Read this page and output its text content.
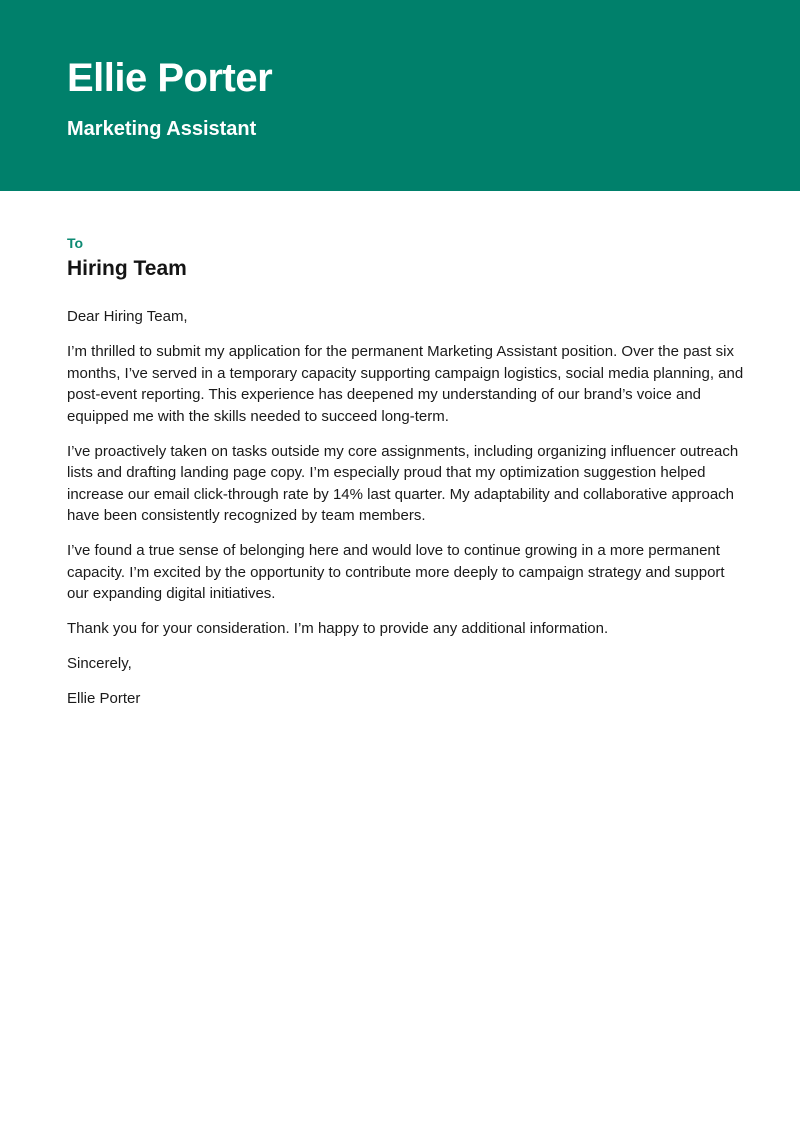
Ellie Porter
Marketing Assistant
To
Hiring Team

Dear Hiring Team,

I’m thrilled to submit my application for the permanent Marketing Assistant position. Over the past six months, I’ve served in a temporary capacity supporting campaign logistics, social media planning, and post-event reporting. This experience has deepened my understanding of our brand’s voice and equipped me with the skills needed to succeed long-term.

I’ve proactively taken on tasks outside my core assignments, including organizing influencer outreach lists and drafting landing page copy. I’m especially proud that my optimization suggestion helped increase our email click-through rate by 14% last quarter. My adaptability and collaborative approach have been consistently recognized by team members.

I’ve found a true sense of belonging here and would love to continue growing in a more permanent capacity. I’m excited by the opportunity to contribute more deeply to campaign strategy and support our expanding digital initiatives.

Thank you for your consideration. I’m happy to provide any additional information.

Sincerely,

Ellie Porter
